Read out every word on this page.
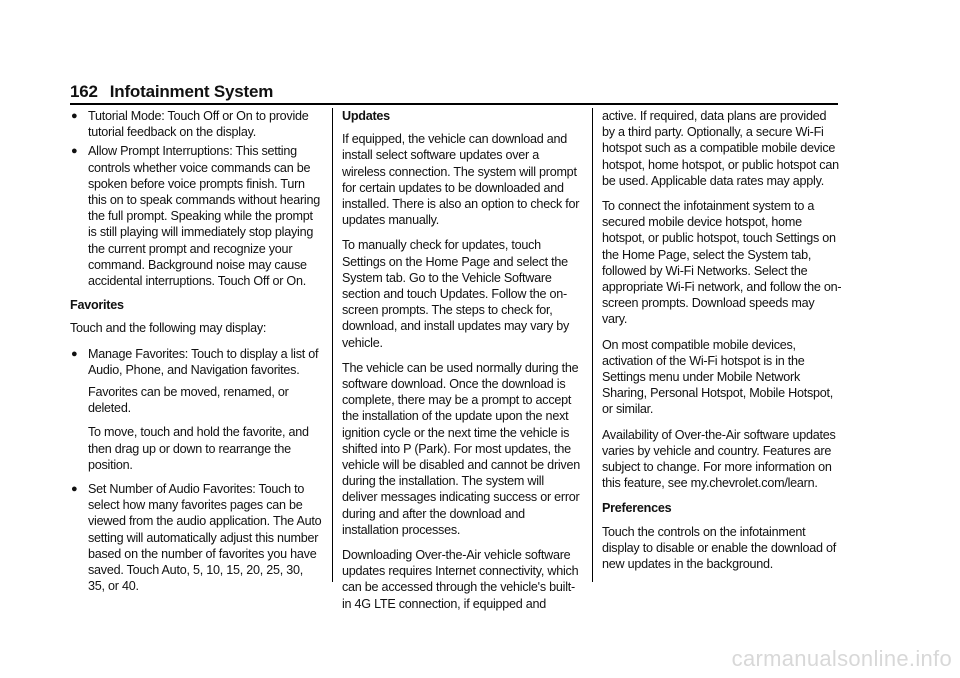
162 Infotainment System
● Tutorial Mode: Touch Off or On to provide tutorial feedback on the display.
● Allow Prompt Interruptions: This setting controls whether voice commands can be spoken before voice prompts finish. Turn this on to speak commands without hearing the full prompt. Speaking while the prompt is still playing will immediately stop playing the current prompt and recognize your command. Background noise may cause accidental interruptions. Touch Off or On.

Favorites

Touch and the following may display:

● Manage Favorites: Touch to display a list of Audio, Phone, and Navigation favorites.

Favorites can be moved, renamed, or deleted.

To move, touch and hold the favorite, and then drag up or down to rearrange the position.

● Set Number of Audio Favorites: Touch to select how many favorites pages can be viewed from the audio application. The Auto setting will automatically adjust this number based on the number of favorites you have saved. Touch Auto, 5, 10, 15, 20, 25, 30, 35, or 40.

Updates

If equipped, the vehicle can download and install select software updates over a wireless connection. The system will prompt for certain updates to be downloaded and installed. There is also an option to check for updates manually.

To manually check for updates, touch Settings on the Home Page and select the System tab. Go to the Vehicle Software section and touch Updates. Follow the on-screen prompts. The steps to check for, download, and install updates may vary by vehicle.

The vehicle can be used normally during the software download. Once the download is complete, there may be a prompt to accept the installation of the update upon the next ignition cycle or the next time the vehicle is shifted into P (Park). For most updates, the vehicle will be disabled and cannot be driven during the installation. The system will deliver messages indicating success or error during and after the download and installation processes.

Downloading Over-the-Air vehicle software updates requires Internet connectivity, which can be accessed through the vehicle's built-in 4G LTE connection, if equipped and

active. If required, data plans are provided by a third party. Optionally, a secure Wi-Fi hotspot such as a compatible mobile device hotspot, home hotspot, or public hotspot can be used. Applicable data rates may apply.

To connect the infotainment system to a secured mobile device hotspot, home hotspot, or public hotspot, touch Settings on the Home Page, select the System tab, followed by Wi-Fi Networks. Select the appropriate Wi-Fi network, and follow the on-screen prompts. Download speeds may vary.

On most compatible mobile devices, activation of the Wi-Fi hotspot is in the Settings menu under Mobile Network Sharing, Personal Hotspot, Mobile Hotspot, or similar.

Availability of Over-the-Air software updates varies by vehicle and country. Features are subject to change. For more information on this feature, see my.chevrolet.com/learn.

Preferences

Touch the controls on the infotainment display to disable or enable the download of new updates in the background.

carmanualsonline.info
